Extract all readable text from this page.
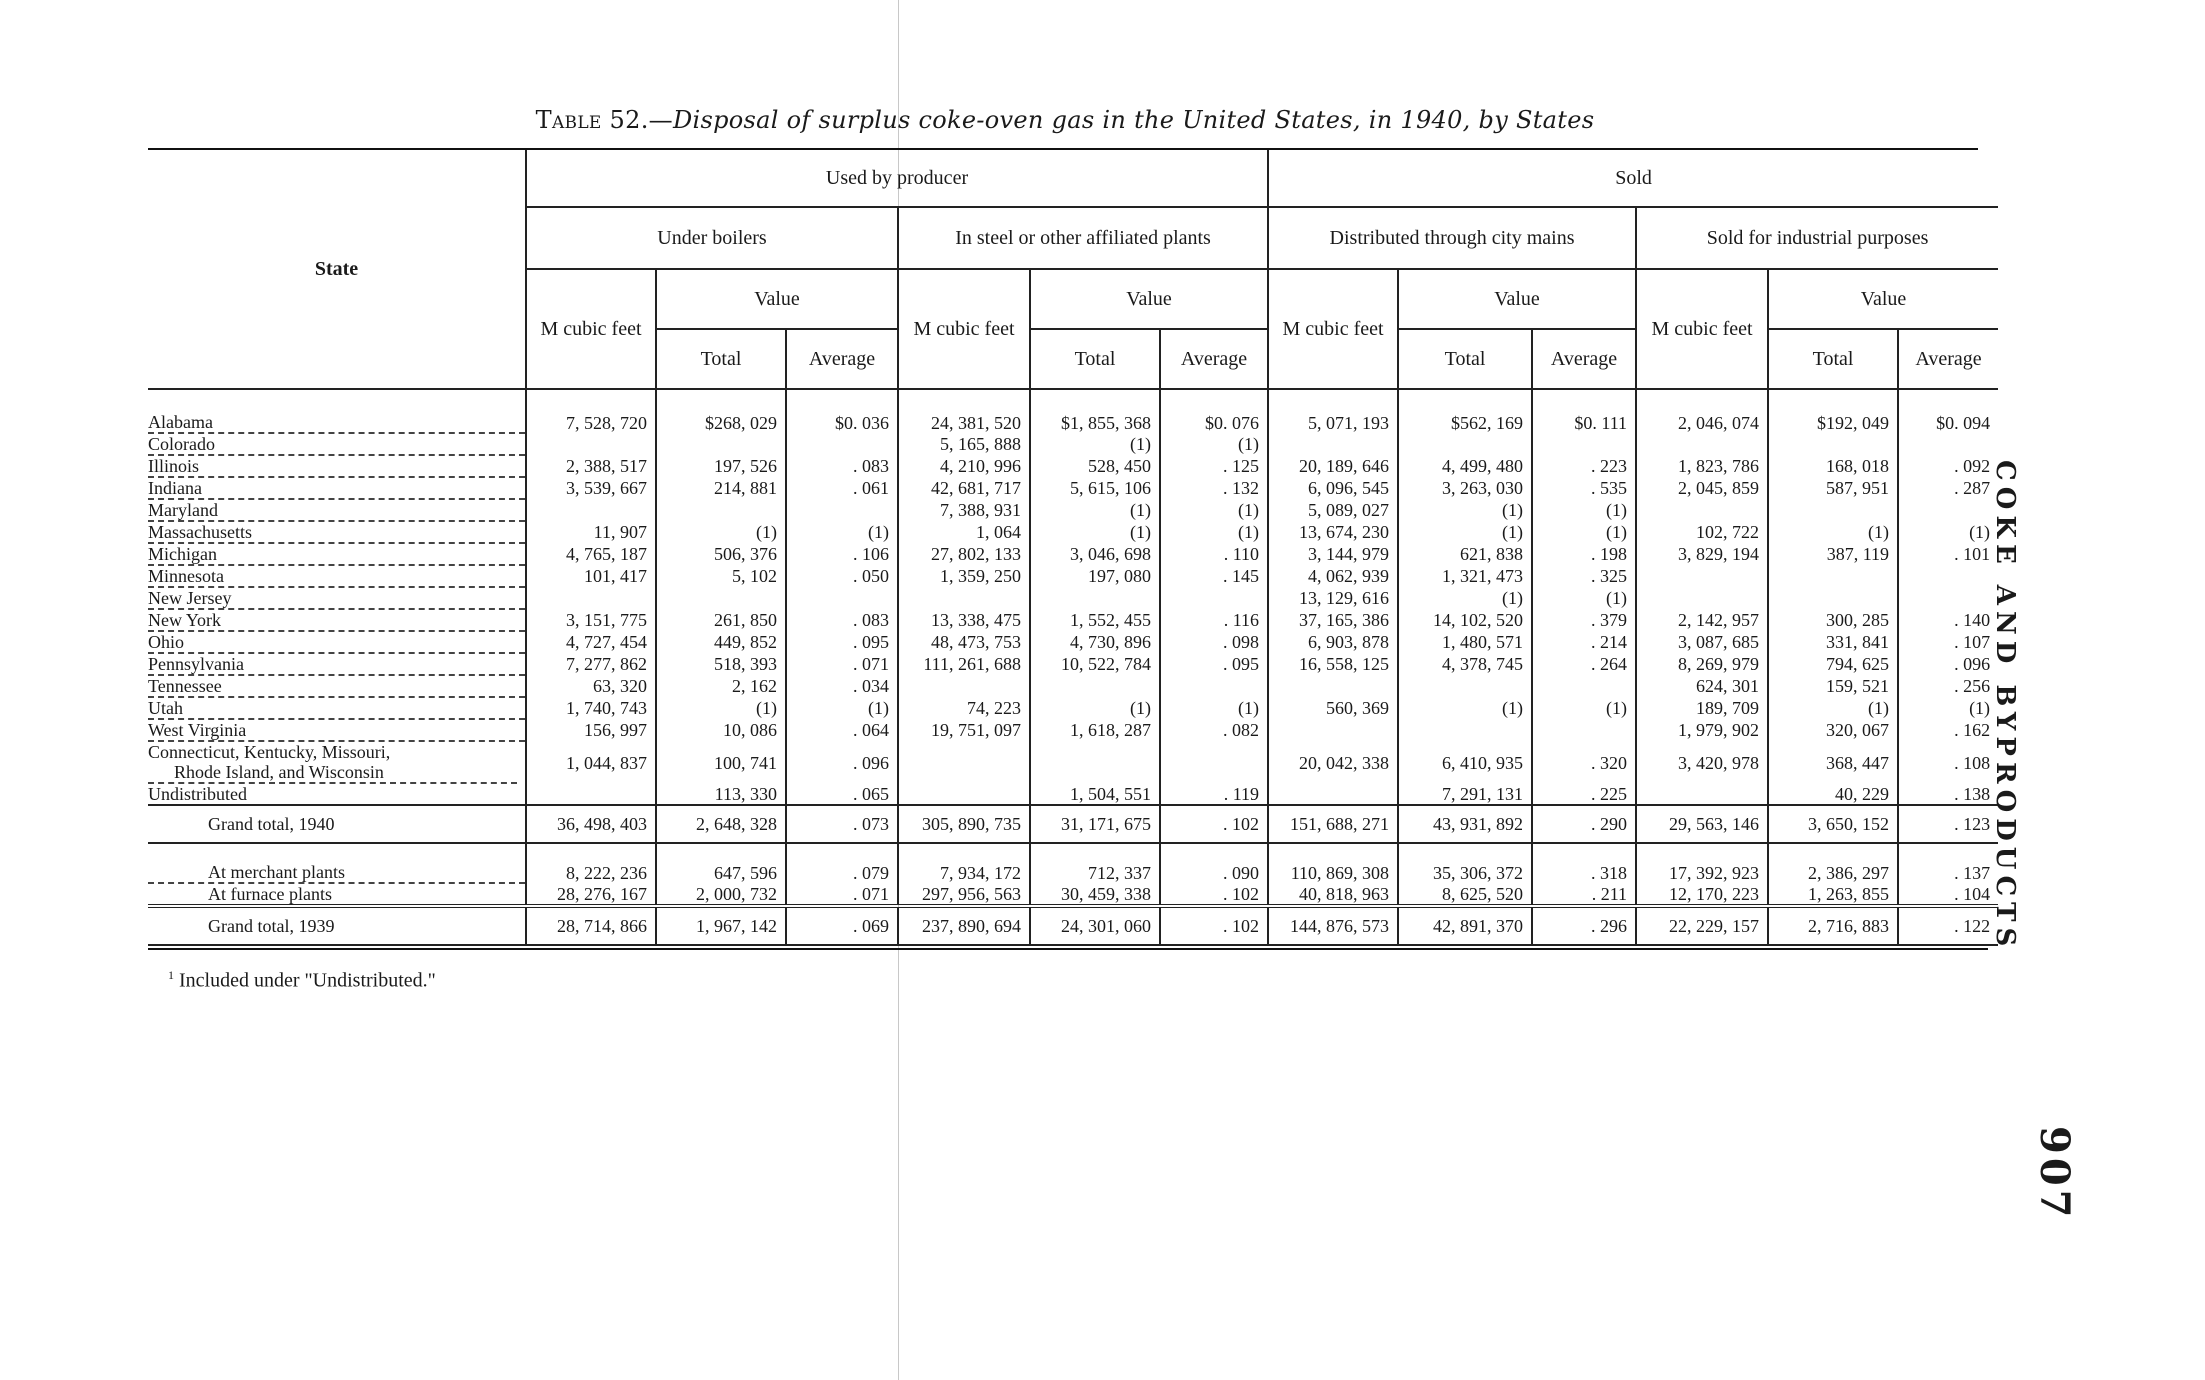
Table 52.—Disposal of surplus coke-oven gas in the United States, in 1940, by States
State	Used by producer						Sold					
	Under boilers			In steel or other affiliated plants			Distributed through city mains			Sold for industrial purposes		
	M cubic feet	Value		M cubic feet	Value		M cubic feet	Value		M cubic feet	Value	
		Total	Average		Total	Average		Total	Average		Total	Average

Alabama	7, 528, 720	$268, 029	$0. 036	24, 381, 520	$1, 855, 368	$0. 076	5, 071, 193	$562, 169	$0. 111	2, 046, 074	$192, 049	$0. 094
Colorado				5, 165, 888	(1)	(1)						
Illinois	2, 388, 517	197, 526	. 083	4, 210, 996	528, 450	. 125	20, 189, 646	4, 499, 480	. 223	1, 823, 786	168, 018	. 092
Indiana	3, 539, 667	214, 881	. 061	42, 681, 717	5, 615, 106	. 132	6, 096, 545	3, 263, 030	. 535	2, 045, 859	587, 951	. 287
Maryland				7, 388, 931	(1)	(1)	5, 089, 027	(1)	(1)			
Massachusetts	11, 907	(1)	(1)	1, 064	(1)	(1)	13, 674, 230	(1)	(1)	102, 722	(1)	(1)
Michigan	4, 765, 187	506, 376	. 106	27, 802, 133	3, 046, 698	. 110	3, 144, 979	621, 838	. 198	3, 829, 194	387, 119	. 101
Minnesota	101, 417	5, 102	. 050	1, 359, 250	197, 080	. 145	4, 062, 939	1, 321, 473	. 325			
New Jersey							13, 129, 616	(1)	(1)			
New York	3, 151, 775	261, 850	. 083	13, 338, 475	1, 552, 455	. 116	37, 165, 386	14, 102, 520	. 379	2, 142, 957	300, 285	. 140
Ohio	4, 727, 454	449, 852	. 095	48, 473, 753	4, 730, 896	. 098	6, 903, 878	1, 480, 571	. 214	3, 087, 685	331, 841	. 107
Pennsylvania	7, 277, 862	518, 393	. 071	111, 261, 688	10, 522, 784	. 095	16, 558, 125	4, 378, 745	. 264	8, 269, 979	794, 625	. 096
Tennessee	63, 320	2, 162	. 034							624, 301	159, 521	. 256
Utah	1, 740, 743	(1)	(1)	74, 223	(1)	(1)	560, 369	(1)	(1)	189, 709	(1)	(1)
West Virginia	156, 997	10, 086	. 064	19, 751, 097	1, 618, 287	. 082				1, 979, 902	320, 067	. 162

Connecticut, Kentucky, Missouri,
Rhode Island, and Wisconsin	1, 044, 837	100, 741	. 096				20, 042, 338	6, 410, 935	. 320	3, 420, 978	368, 447	. 108
Undistributed		113, 330	. 065		1, 504, 551	. 119		7, 291, 131	. 225		40, 229	. 138
Grand total, 1940	36, 498, 403	2, 648, 328	. 073	305, 890, 735	31, 171, 675	. 102	151, 688, 271	43, 931, 892	. 290	29, 563, 146	3, 650, 152	. 123

At merchant plants	8, 222, 236	647, 596	. 079	7, 934, 172	712, 337	. 090	110, 869, 308	35, 306, 372	. 318	17, 392, 923	2, 386, 297	. 137
At furnace plants	28, 276, 167	2, 000, 732	. 071	297, 956, 563	30, 459, 338	. 102	40, 818, 963	8, 625, 520	. 211	12, 170, 223	1, 263, 855	. 104
Grand total, 1939	28, 714, 866	1, 967, 142	. 069	237, 890, 694	24, 301, 060	. 102	144, 876, 573	42, 891, 370	. 296	22, 229, 157	2, 716, 883	. 122
$^1$ Included under "Undistributed."
COKE AND BYPRODUCTS
907
